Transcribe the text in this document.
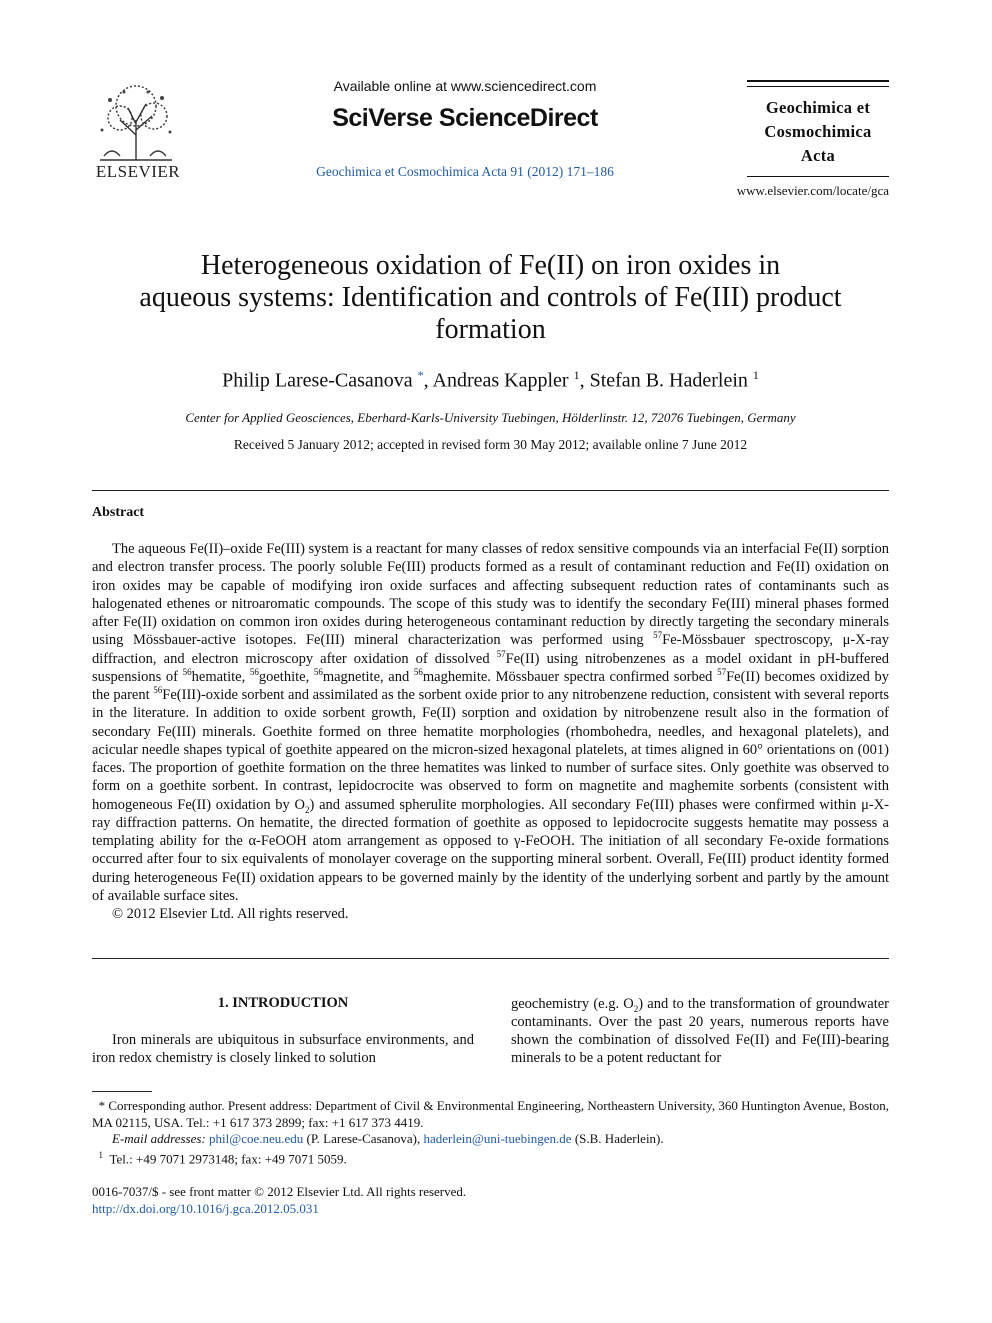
ELSEVIER
Available online at www.sciencedirect.com
SciVerse ScienceDirect
Geochimica et Cosmochimica Acta 91 (2012) 171–186
Geochimica et
Cosmochimica
Acta
www.elsevier.com/locate/gca
Heterogeneous oxidation of Fe(II) on iron oxides in
aqueous systems: Identification and controls of Fe(III) product
formation
Philip Larese-Casanova *, Andreas Kappler $^1$, Stefan B. Haderlein $^1$
Center for Applied Geosciences, Eberhard-Karls-University Tuebingen, Hölderlinstr. 12, 72076 Tuebingen, Germany
Received 5 January 2012; accepted in revised form 30 May 2012; available online 7 June 2012
Abstract

The aqueous Fe(II)–oxide Fe(III) system is a reactant for many classes of redox sensitive compounds via an interfacial Fe(II) sorption and electron transfer process. The poorly soluble Fe(III) products formed as a result of contaminant reduction and Fe(II) oxidation on iron oxides may be capable of modifying iron oxide surfaces and affecting subsequent reduction rates of contaminants such as halogenated ethenes or nitroaromatic compounds. The scope of this study was to identify the secondary Fe(III) mineral phases formed after Fe(II) oxidation on common iron oxides during heterogeneous contaminant reduction by directly targeting the secondary minerals using Mössbauer-active isotopes. Fe(III) mineral characterization was performed using $^{57}$Fe-Mössbauer spectroscopy, μ-X-ray diffraction, and electron microscopy after oxidation of dissolved $^{57}$Fe(II) using nitrobenzenes as a model oxidant in pH-buffered suspensions of $^{56}$hematite, $^{56}$goethite, $^{56}$magnetite, and $^{56}$maghemite. Mössbauer spectra confirmed sorbed $^{57}$Fe(II) becomes oxidized by the parent $^{56}$Fe(III)-oxide sorbent and assimilated as the sorbent oxide prior to any nitrobenzene reduction, consistent with several reports in the literature. In addition to oxide sorbent growth, Fe(II) sorption and oxidation by nitrobenzene result also in the formation of secondary Fe(III) minerals. Goethite formed on three hematite morphologies (rhombohedra, needles, and hexagonal platelets), and acicular needle shapes typical of goethite appeared on the micron-sized hexagonal platelets, at times aligned in 60° orientations on (001) faces. The proportion of goethite formation on the three hematites was linked to number of surface sites. Only goethite was observed to form on a goethite sorbent. In contrast, lepidocrocite was observed to form on magnetite and maghemite sorbents (consistent with homogeneous Fe(II) oxidation by $O_2$) and assumed spherulite morphologies. All secondary Fe(III) phases were confirmed within μ-X-ray diffraction patterns. On hematite, the directed formation of goethite as opposed to lepidocrocite suggests hematite may possess a templating ability for the α-FeOOH atom arrangement as opposed to γ-FeOOH. The initiation of all secondary Fe-oxide formations occurred after four to six equivalents of monolayer coverage on the supporting mineral sorbent. Overall, Fe(III) product identity formed during heterogeneous Fe(II) oxidation appears to be governed mainly by the identity of the underlying sorbent and partly by the amount of available surface sites.

© 2012 Elsevier Ltd. All rights reserved.

1. INTRODUCTION

Iron minerals are ubiquitous in subsurface environments, and iron redox chemistry is closely linked to solution

geochemistry (e.g. $O_2$) and to the transformation of groundwater contaminants. Over the past 20 years, numerous reports have shown the combination of dissolved Fe(II) and Fe(III)-bearing minerals to be a potent reductant for
* Corresponding author. Present address: Department of Civil & Environmental Engineering, Northeastern University, 360 Huntington Avenue, Boston, MA 02115, USA. Tel.: +1 617 373 2899; fax: +1 617 373 4419.
E-mail addresses: phil@coe.neu.edu (P. Larese-Casanova), haderlein@uni-tuebingen.de (S.B. Haderlein).
$^1$ Tel.: +49 7071 2973148; fax: +49 7071 5059.
0016-7037/$ - see front matter © 2012 Elsevier Ltd. All rights reserved.
http://dx.doi.org/10.1016/j.gca.2012.05.031
